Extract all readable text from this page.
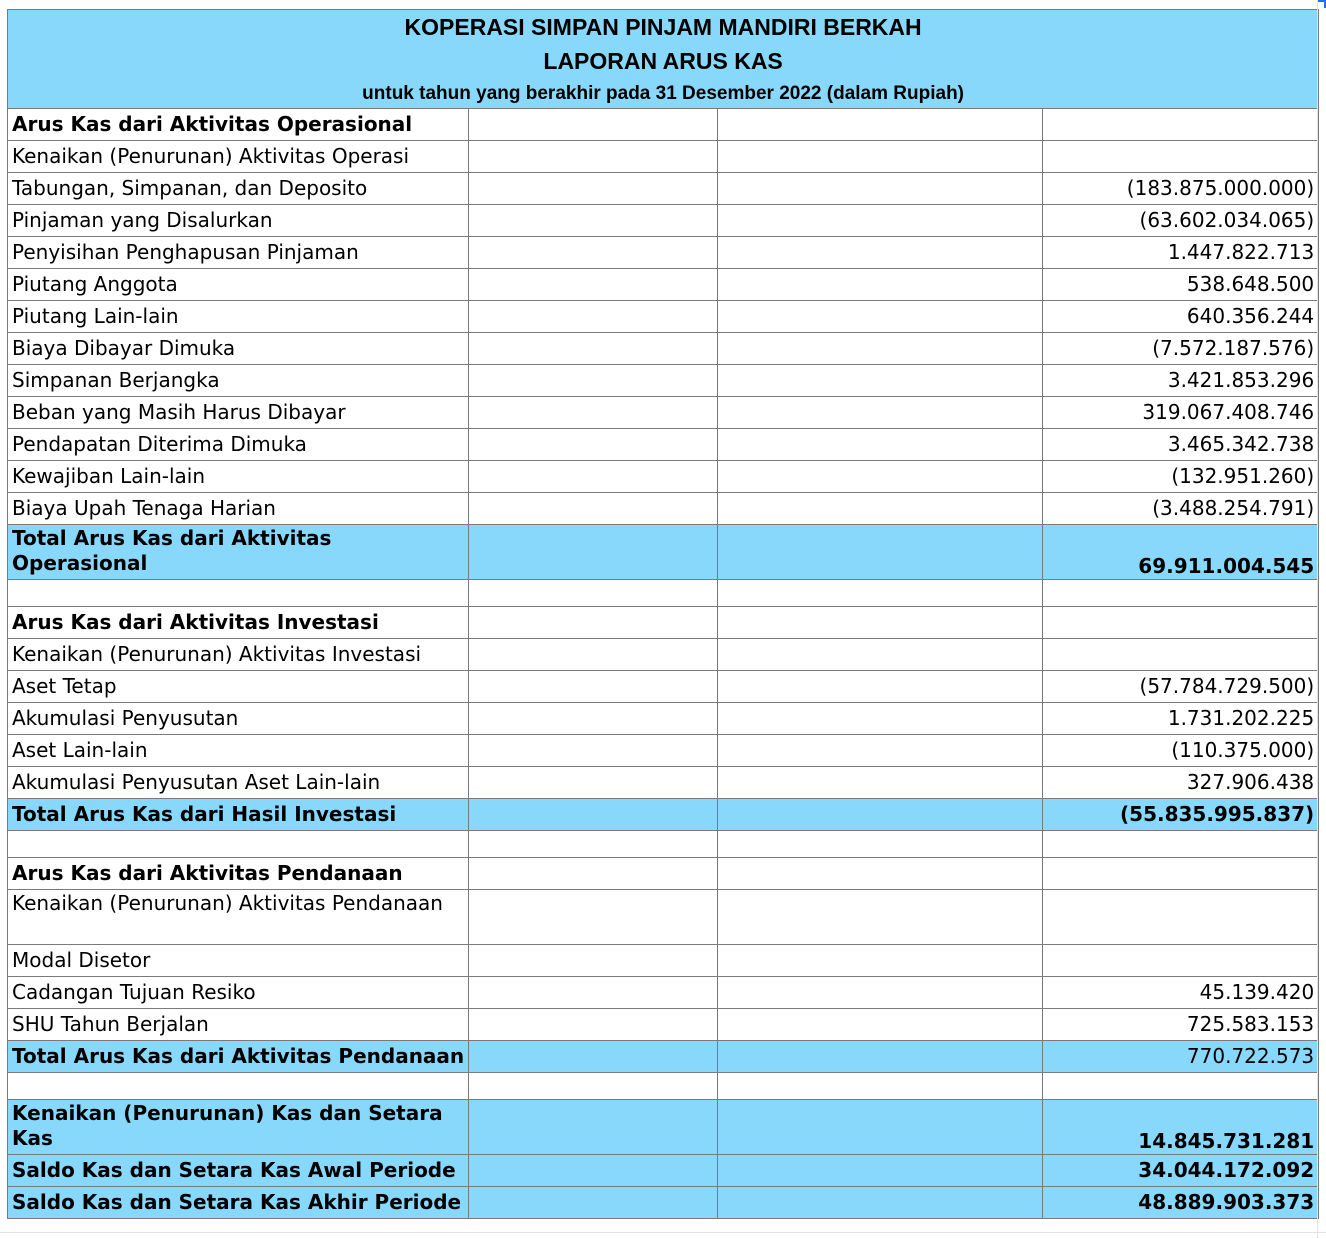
KOPERASI SIMPAN PINJAM MANDIRI BERKAH			
LAPORAN ARUS KAS			
untuk tahun yang berakhir pada 31 Desember 2022 (dalam Rupiah)			
Arus Kas dari Aktivitas Operasional			
Kenaikan (Penurunan) Aktivitas Operasi			
Tabungan, Simpanan, dan Deposito			(183.875.000.000)
Pinjaman yang Disalurkan			(63.602.034.065)
Penyisihan Penghapusan Pinjaman			1.447.822.713
Piutang Anggota			538.648.500
Piutang Lain-lain			640.356.244
Biaya Dibayar Dimuka			(7.572.187.576)
Simpanan Berjangka			3.421.853.296
Beban yang Masih Harus Dibayar			319.067.408.746
Pendapatan Diterima Dimuka			3.465.342.738
Kewajiban Lain-lain			(132.951.260)
Biaya Upah Tenaga Harian			(3.488.254.791)
Total Arus Kas dari Aktivitas Operasional			69.911.004.545

Arus Kas dari Aktivitas Investasi			
Kenaikan (Penurunan) Aktivitas Investasi			
Aset Tetap			(57.784.729.500)
Akumulasi Penyusutan			1.731.202.225
Aset Lain-lain			(110.375.000)
Akumulasi Penyusutan Aset Lain-lain			327.906.438
Total Arus Kas dari Hasil Investasi			(55.835.995.837)

Arus Kas dari Aktivitas Pendanaan			
Kenaikan (Penurunan) Aktivitas Pendanaan			
Modal Disetor			
Cadangan Tujuan Resiko			45.139.420
SHU Tahun Berjalan			725.583.153
Total Arus Kas dari Aktivitas Pendanaan			770.722.573

Kenaikan (Penurunan) Kas dan Setara Kas			14.845.731.281
Saldo Kas dan Setara Kas Awal Periode			34.044.172.092
Saldo Kas dan Setara Kas Akhir Periode			48.889.903.373
